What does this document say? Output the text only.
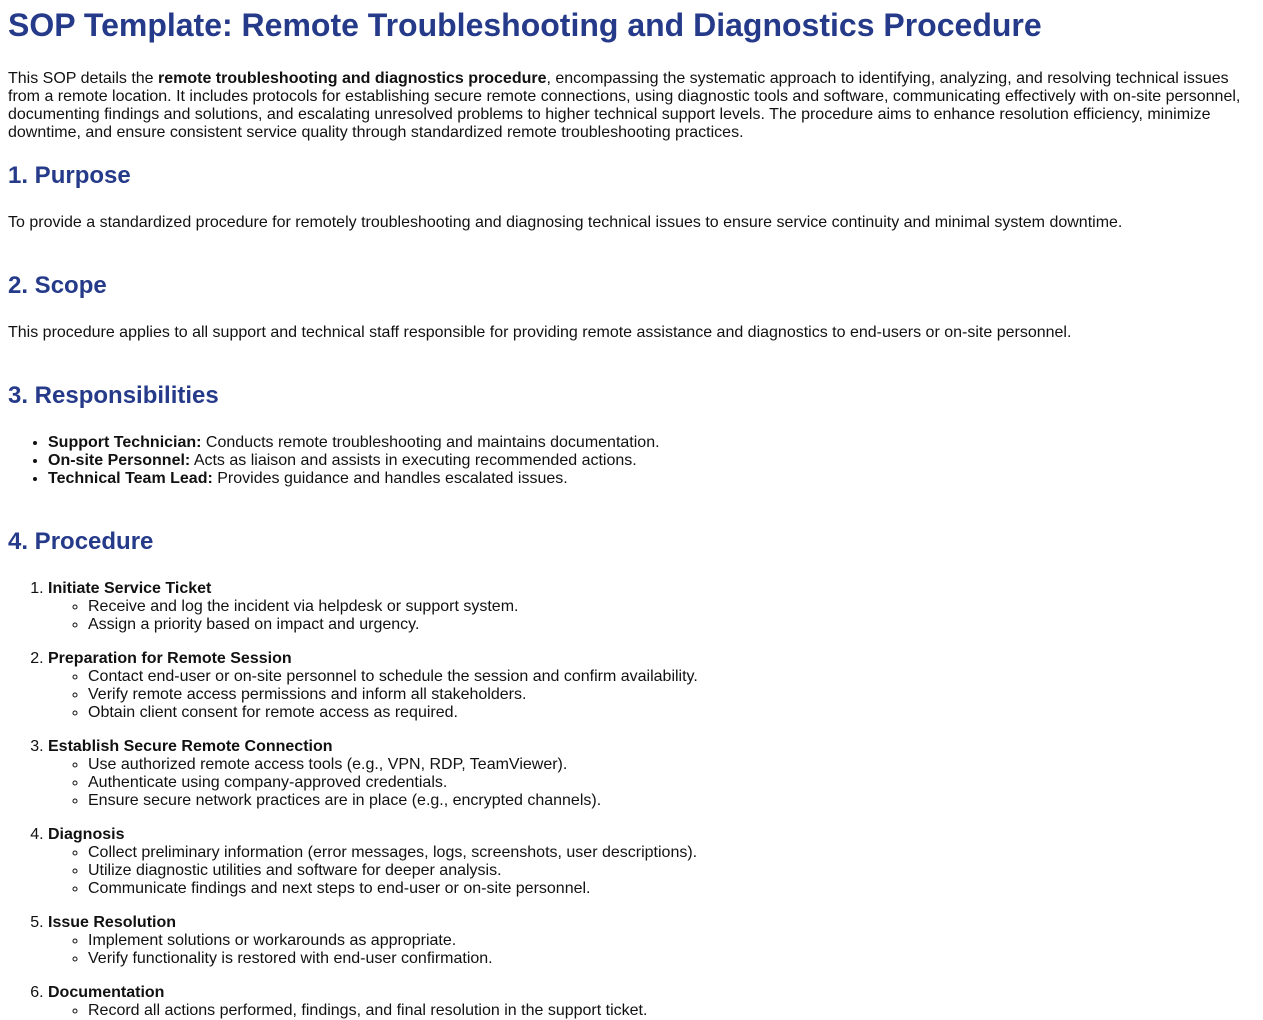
SOP Template: Remote Troubleshooting and Diagnostics Procedure

This SOP details the remote troubleshooting and diagnostics procedure, encompassing the systematic approach to identifying, analyzing, and resolving technical issues from a remote location. It includes protocols for establishing secure remote connections, using diagnostic tools and software, communicating effectively with on-site personnel, documenting findings and solutions, and escalating unresolved problems to higher technical support levels. The procedure aims to enhance resolution efficiency, minimize downtime, and ensure consistent service quality through standardized remote troubleshooting practices.

1. Purpose

To provide a standardized procedure for remotely troubleshooting and diagnosing technical issues to ensure service continuity and minimal system downtime.

2. Scope

This procedure applies to all support and technical staff responsible for providing remote assistance and diagnostics to end-users or on-site personnel.

3. Responsibilities
• Support Technician: Conducts remote troubleshooting and maintains documentation.
• On-site Personnel: Acts as liaison and assists in executing recommended actions.
• Technical Team Lead: Provides guidance and handles escalated issues.
4. Procedure
1. Initiate Service Ticket
◦ Receive and log the incident via helpdesk or support system.
◦ Assign a priority based on impact and urgency.
2. Preparation for Remote Session
◦ Contact end-user or on-site personnel to schedule the session and confirm availability.
◦ Verify remote access permissions and inform all stakeholders.
◦ Obtain client consent for remote access as required.
3. Establish Secure Remote Connection
◦ Use authorized remote access tools (e.g., VPN, RDP, TeamViewer).
◦ Authenticate using company-approved credentials.
◦ Ensure secure network practices are in place (e.g., encrypted channels).
4. Diagnosis
◦ Collect preliminary information (error messages, logs, screenshots, user descriptions).
◦ Utilize diagnostic utilities and software for deeper analysis.
◦ Communicate findings and next steps to end-user or on-site personnel.
5. Issue Resolution
◦ Implement solutions or workarounds as appropriate.
◦ Verify functionality is restored with end-user confirmation.
6. Documentation
◦ Record all actions performed, findings, and final resolution in the support ticket.
